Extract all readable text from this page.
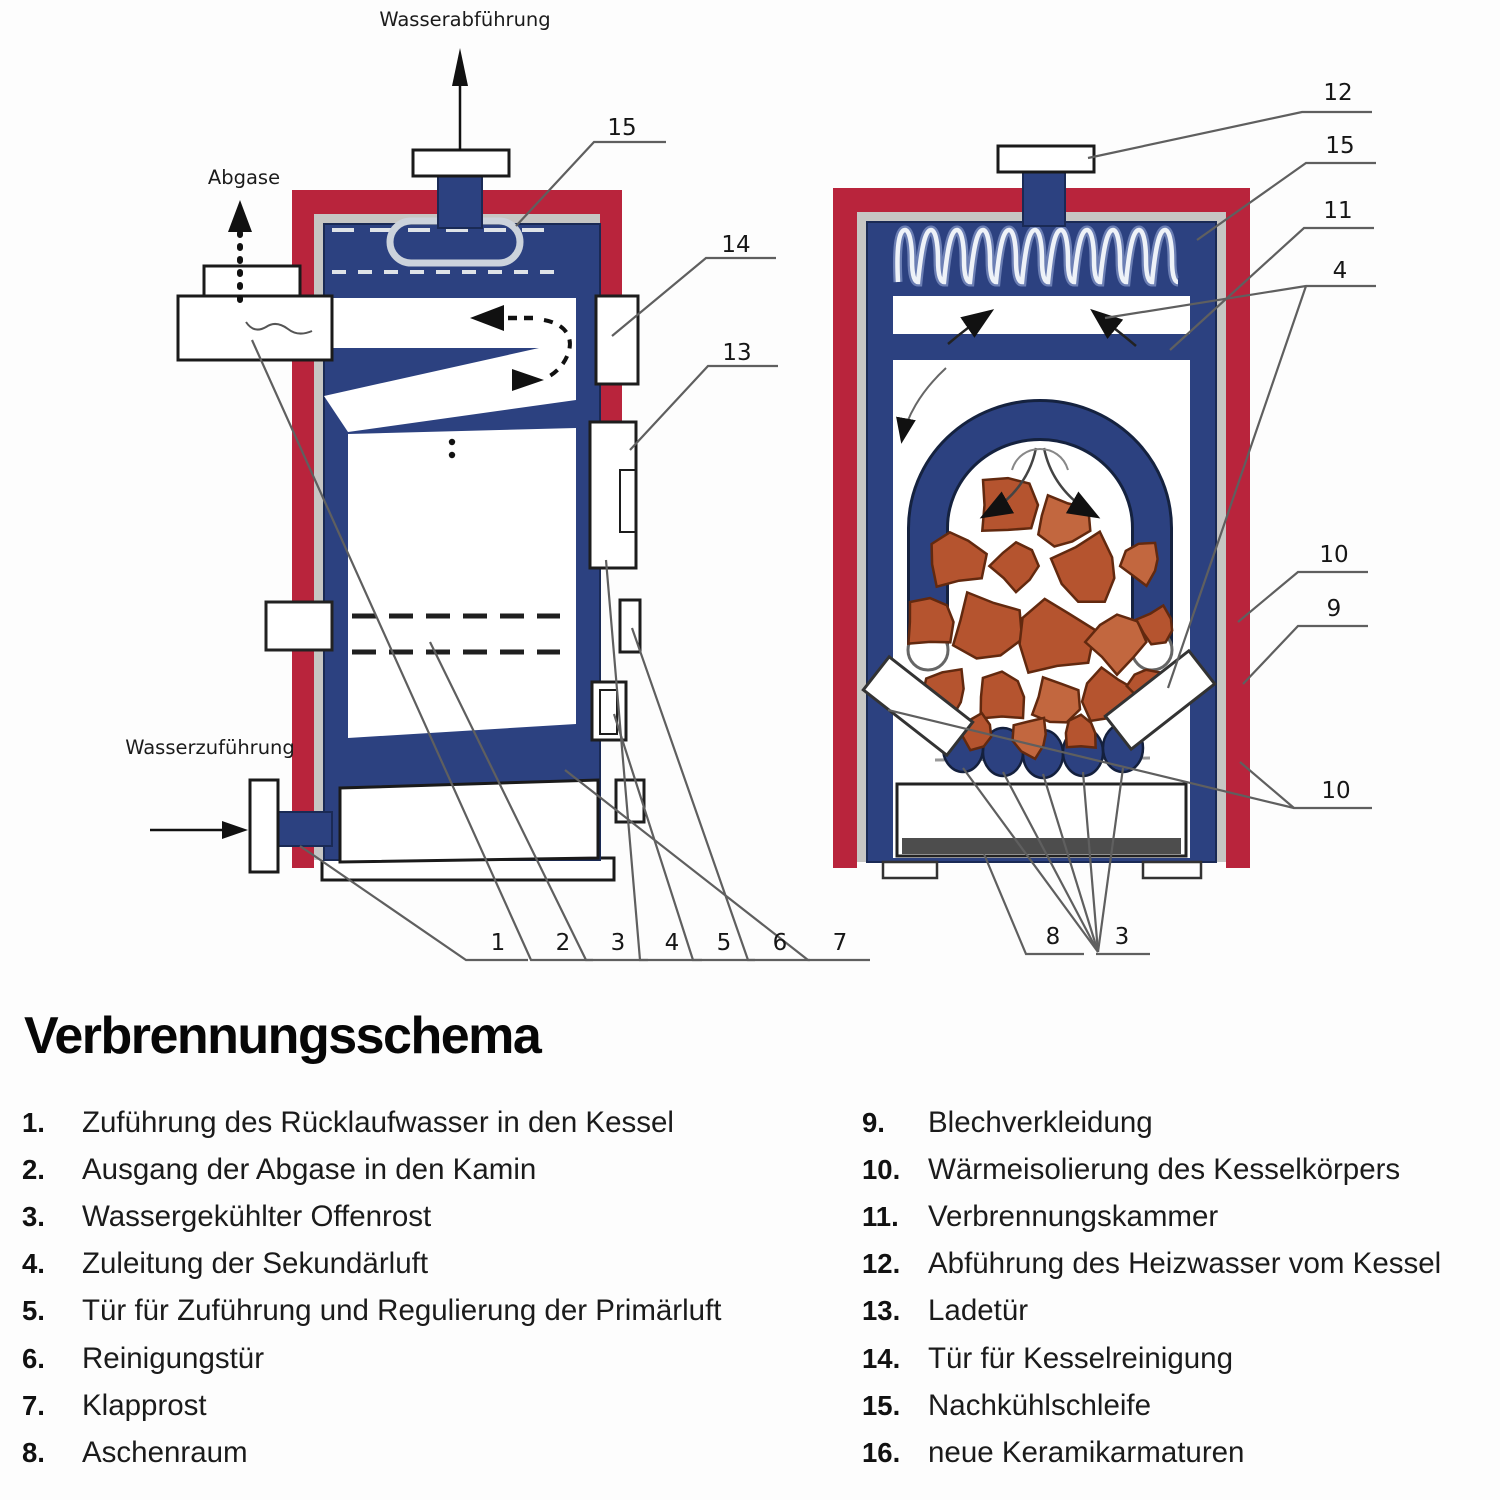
15
14
13
1 2 3 4 5 6 7
12
15
11
4
10
9
10
8 3
Wasserabführung
Abgase
Wasserzuführung
Verbrennungsschema
1.	Zuführung des Rücklaufwasser in den Kessel
2.	Ausgang der Abgase in den Kamin
3.	Wassergekühlter Offenrost
4.	Zuleitung der Sekundärluft
5.	Tür für Zuführung und Regulierung der Primärluft
6.	Reinigungstür
7.	Klapprost
8.	Aschenraum
9.	Blechverkleidung
10. Wärmeisolierung des Kesselkörpers
11. Verbrennungskammer
12. Abführung des Heizwasser vom Kessel
13. Ladetür
14. Tür für Kesselreinigung
15. Nachkühlschleife
16. neue Keramikarmaturen
